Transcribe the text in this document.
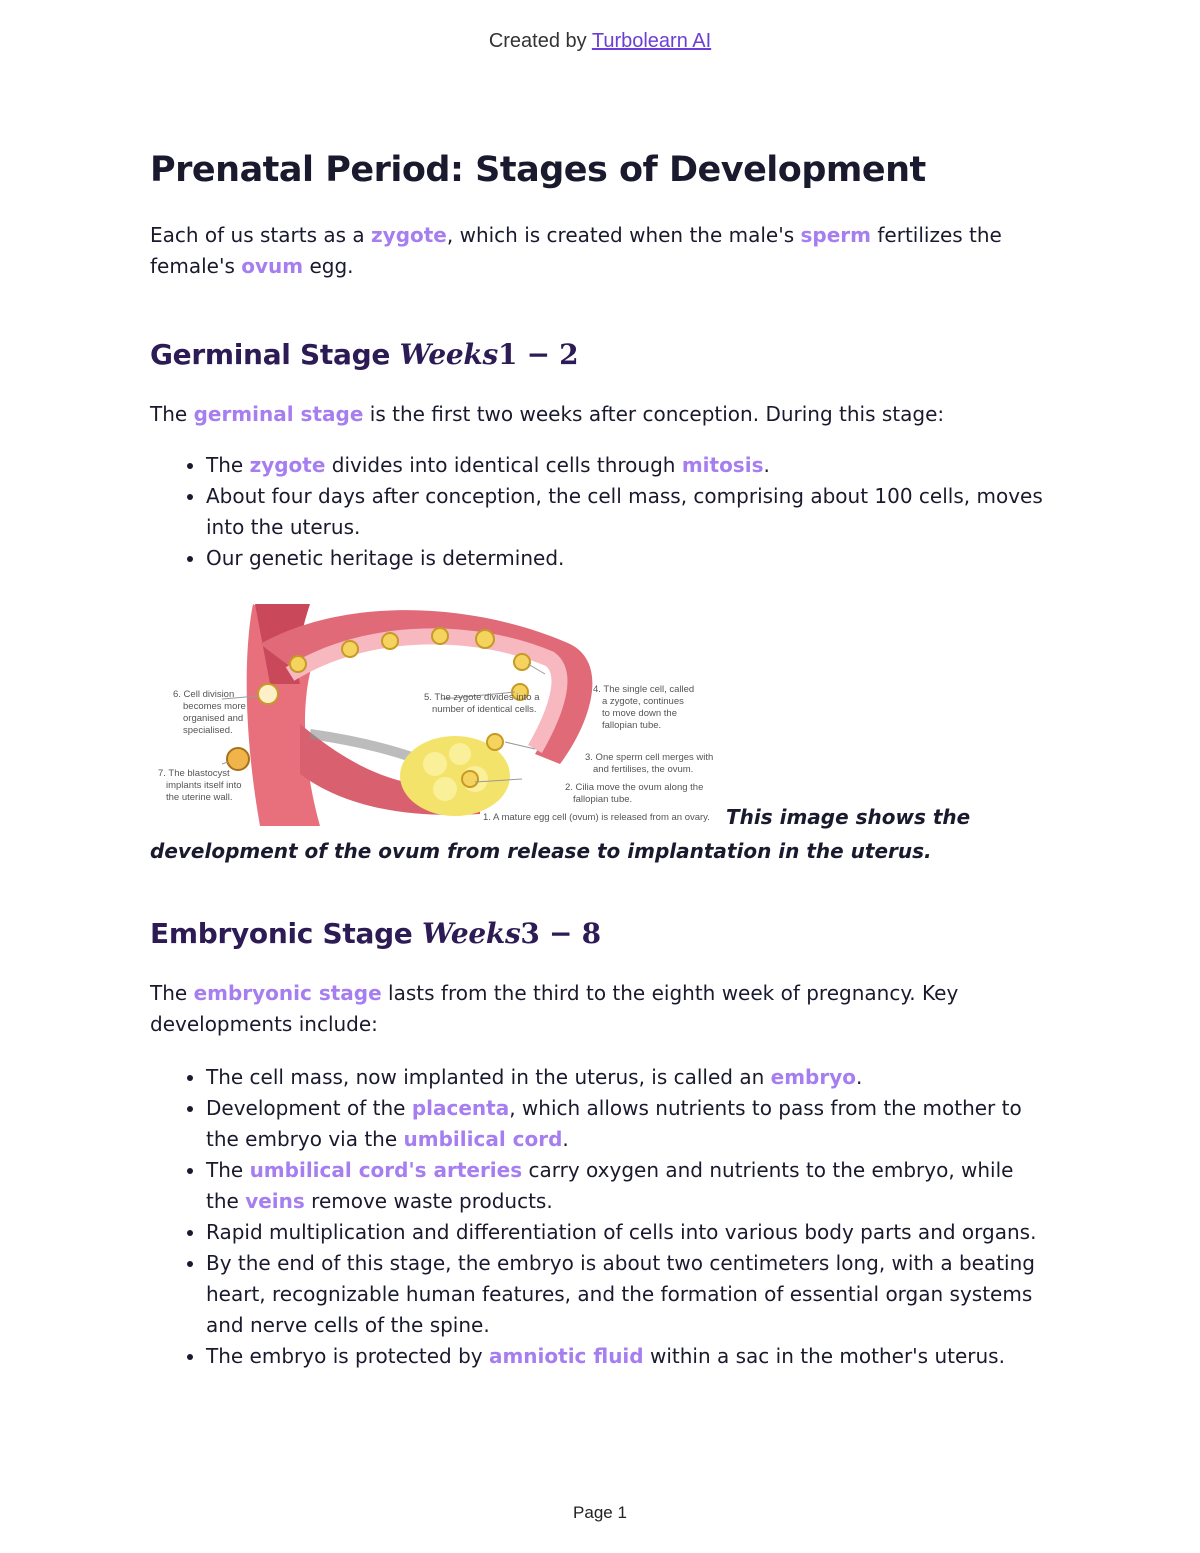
Created by Turbolearn AI
Prenatal Period: Stages of Development

Each of us starts as a zygote, which is created when the male's sperm fertilizes the female's ovum egg.

Germinal Stage Weeks1 − 2

The germinal stage is the first two weeks after conception. During this stage:

• The zygote divides into identical cells through mitosis.
• About four days after conception, the cell mass, comprising about 100 cells, moves into the uterus.
• Our genetic heritage is determined.
6. Cell division
becomes more
organised and
specialised.
7. The blastocyst
implants itself into
the uterine wall.
5. The zygote divides into a
number of identical cells.
4. The single cell, called
a zygote, continues
to move down the
fallopian tube.
3. One sperm cell merges with
and fertilises, the ovum.
2. Cilia move the ovum along the
fallopian tube.
1. A mature egg cell (ovum) is released from an ovary. This image shows the

development of the ovum from release to implantation in the uterus.

Embryonic Stage Weeks3 − 8

The embryonic stage lasts from the third to the eighth week of pregnancy. Key developments include:

• The cell mass, now implanted in the uterus, is called an embryo.
• Development of the placenta, which allows nutrients to pass from the mother to the embryo via the umbilical cord.
• The umbilical cord's arteries carry oxygen and nutrients to the embryo, while the veins remove waste products.
• Rapid multiplication and differentiation of cells into various body parts and organs.
• By the end of this stage, the embryo is about two centimeters long, with a beating heart, recognizable human features, and the formation of essential organ systems and nerve cells of the spine.
• The embryo is protected by amniotic fluid within a sac in the mother's uterus.
Page 1
